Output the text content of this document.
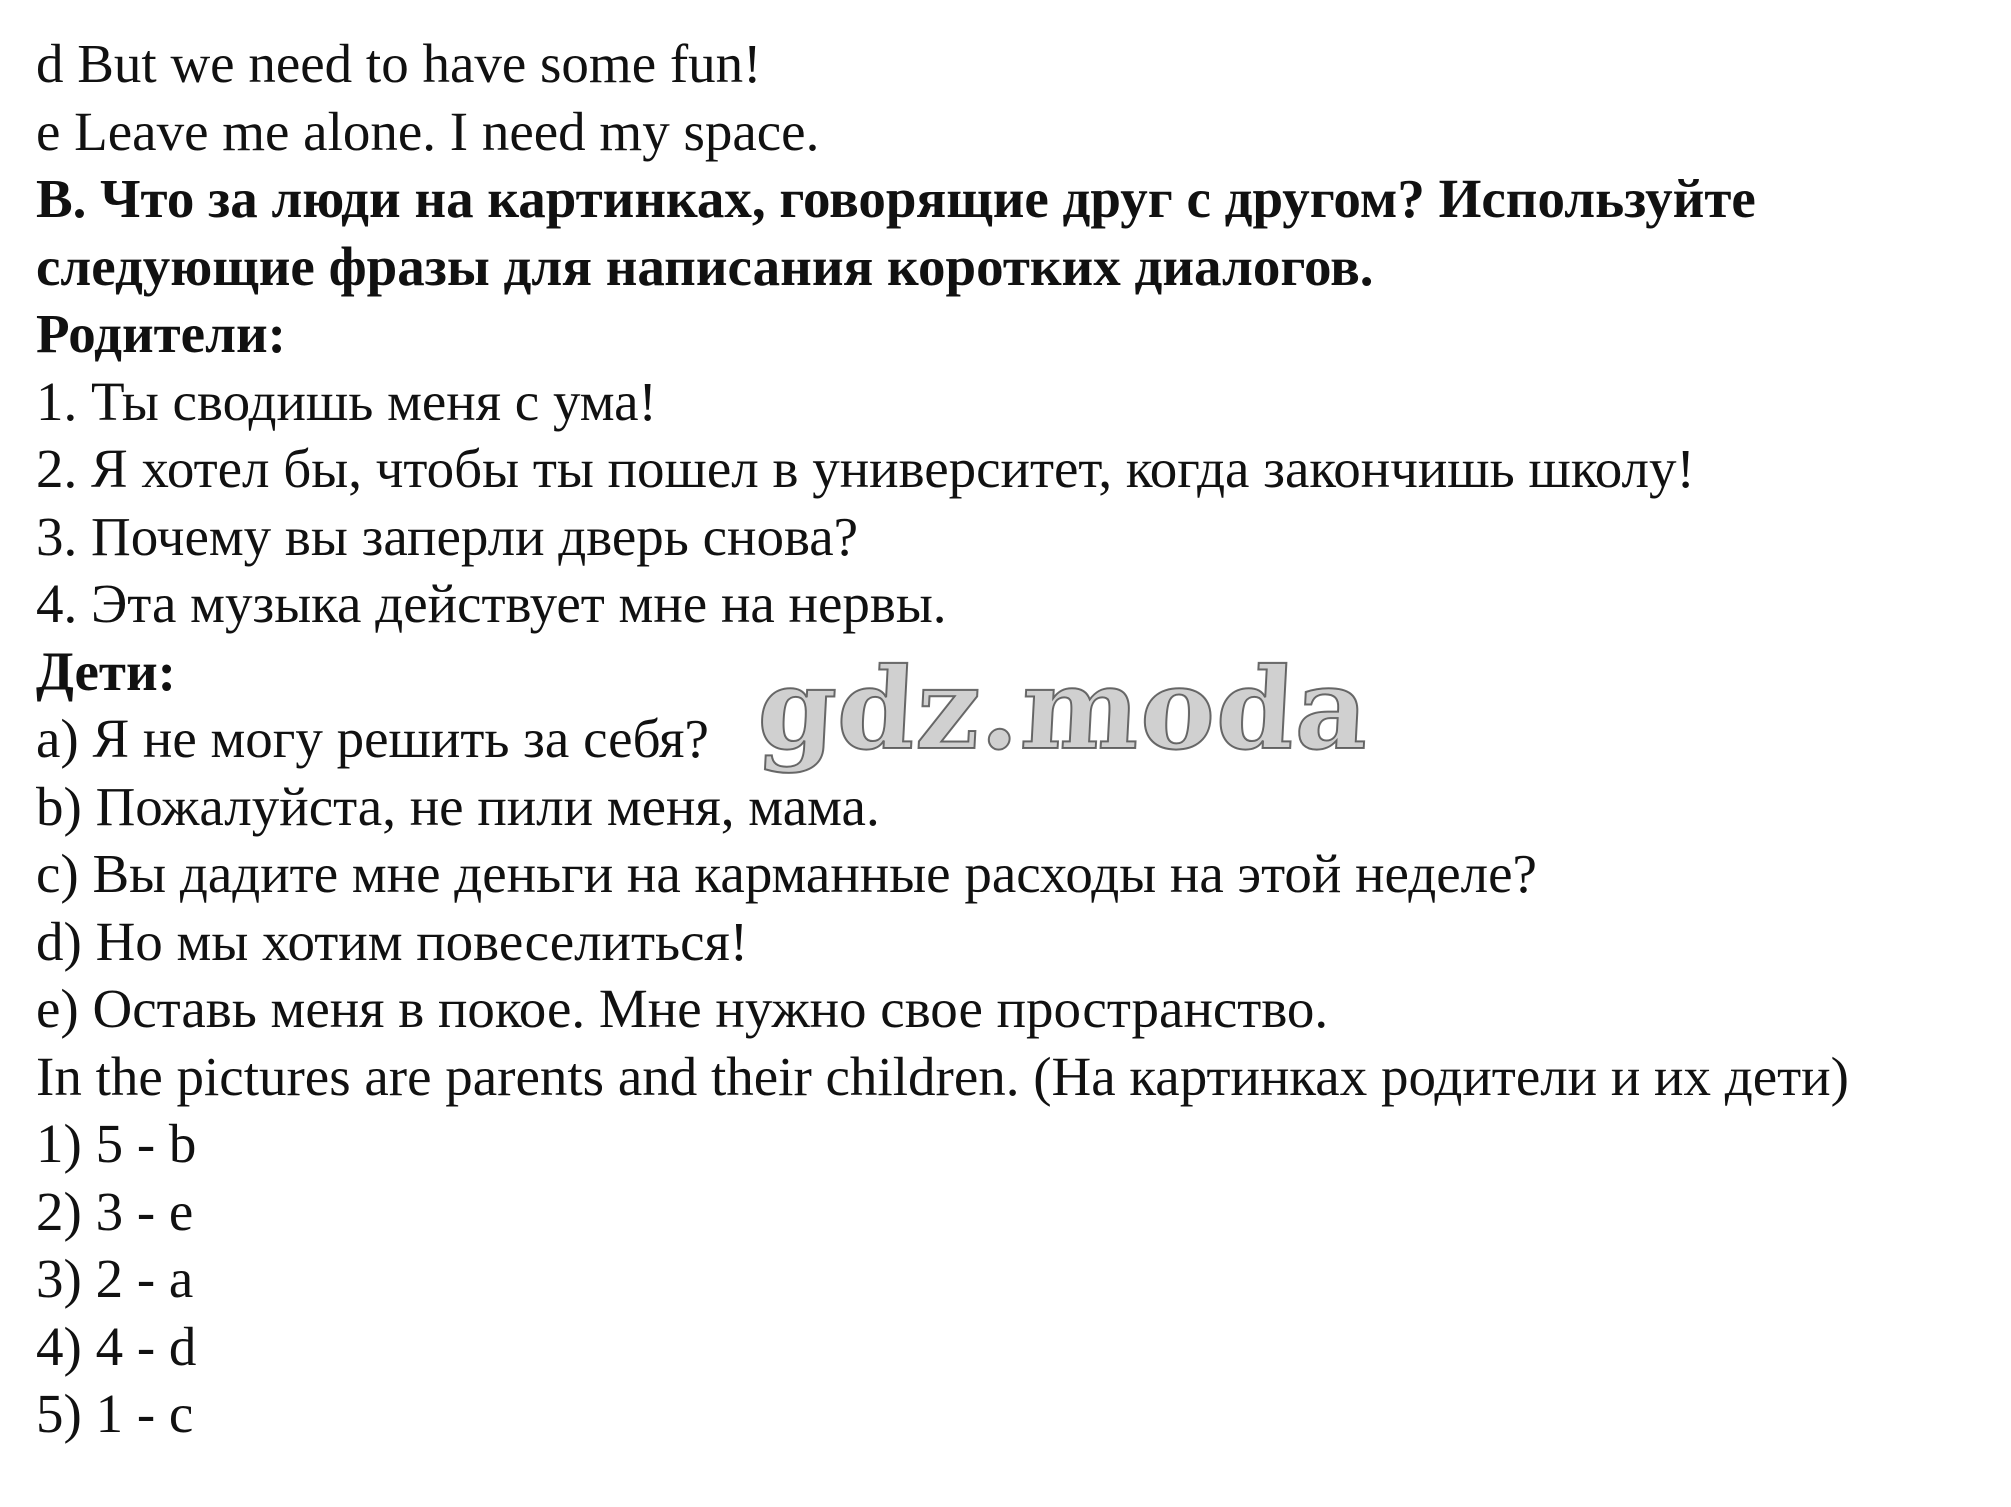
d But we need to have some fun!
e Leave me alone. I need my space.
B. Что за люди на картинках, говорящие друг с другом? Используйте
следующие фразы для написания коротких диалогов.
Родители:
1. Ты сводишь меня с ума!
2. Я хотел бы, чтобы ты пошел в университет, когда закончишь школу!
3. Почему вы заперли дверь снова?
4. Эта музыка действует мне на нервы.
Дети:
a) Я не могу решить за себя?
b) Пожалуйста, не пили меня, мама.
c) Вы дадите мне деньги на карманные расходы на этой неделе?
d) Но мы хотим повеселиться!
e) Оставь меня в покое. Мне нужно свое пространство.
In the pictures are parents and their children. (На картинках родители и их дети)
1) 5 - b
2) 3 - e
3) 2 - a
4) 4 - d
5) 1 - c
gdz.moda
